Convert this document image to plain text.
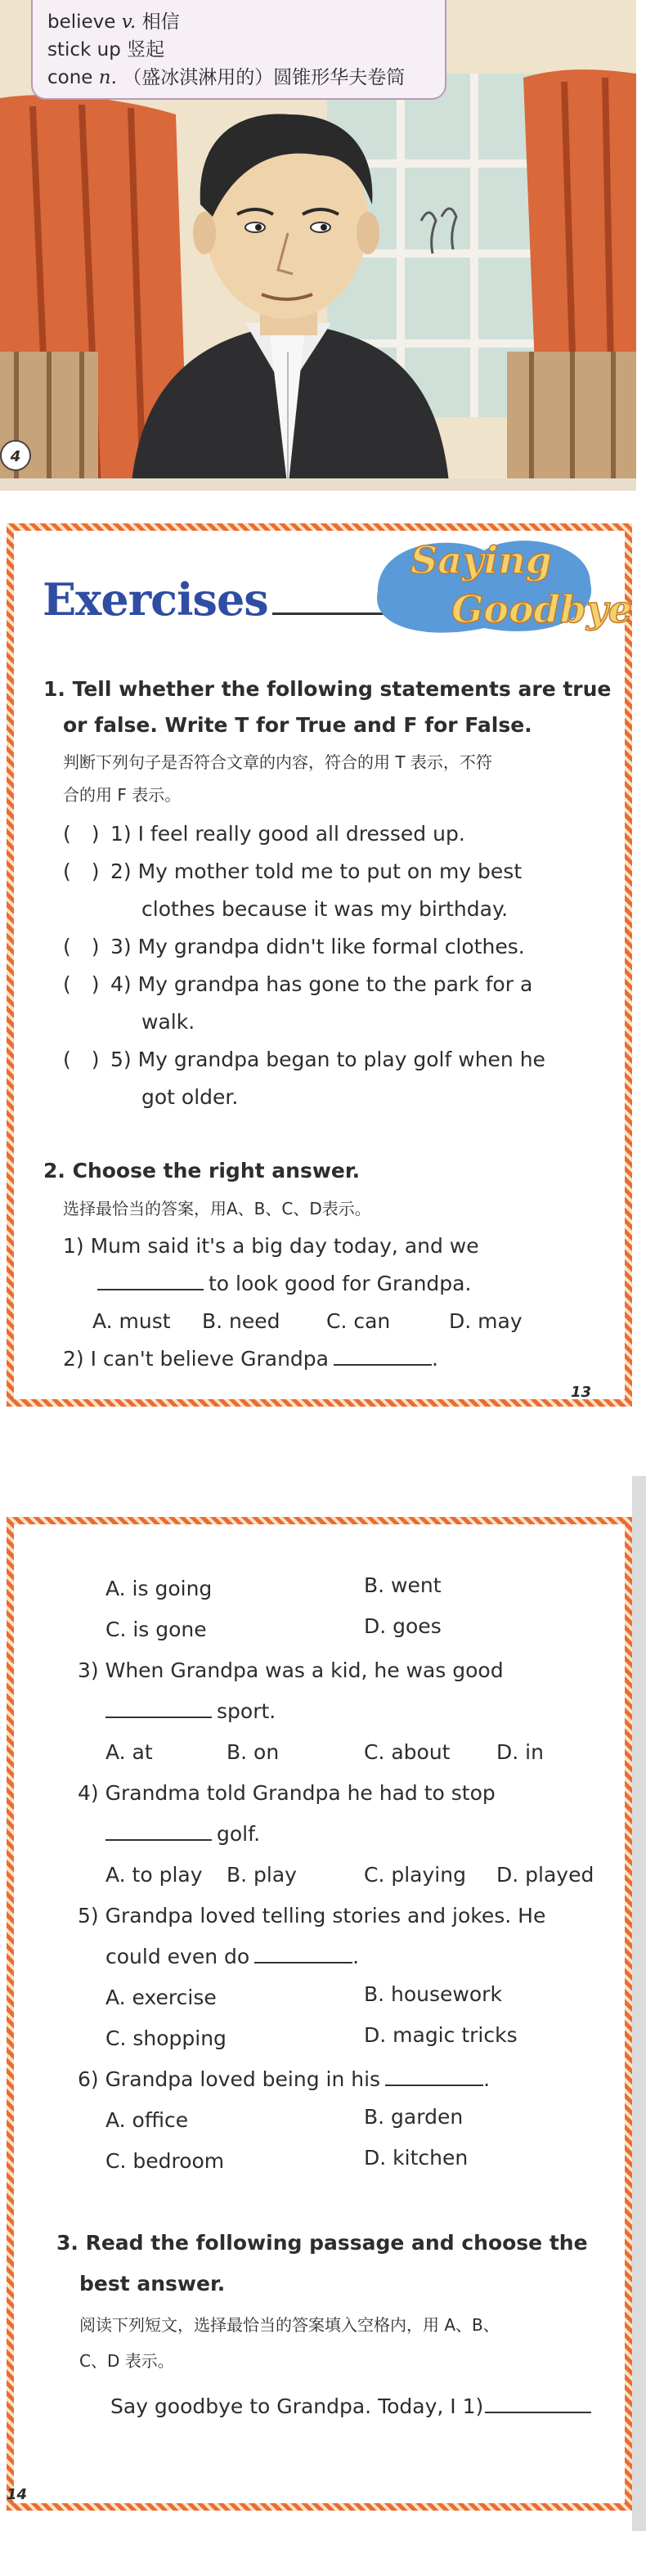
believe v. 相信
stick up 竖起
cone n. （盛冰淇淋用的）圆锥形华夫卷筒
4
Exercises
Saying
Goodbye
1. Tell whether the following statements are true
or false. Write T for True and F for False.
判断下列句子是否符合文章的内容，符合的用 T 表示，不符
合的用 F 表示。
(　) 1) I feel really good all dressed up.
(　) 2) My mother told me to put on my best
clothes because it was my birthday.
(　) 3) My grandpa didn't like formal clothes.
(　) 4) My grandpa has gone to the park for a
walk.
(　) 5) My grandpa began to play golf when he
got older.
2. Choose the right answer.
选择最恰当的答案，用A、B、C、D表示。
1) Mum said it's a big day today, and we
to look good for Grandpa.
A. must B. need C. can	D. may
2) I can't believe Grandpa	.
13
A. is going	B. went
C. is gone	D. goes
3) When Grandpa was a kid, he was good
sport.
A. at	B. on	C. about D. in
4) Grandma told Grandpa he had to stop
golf.
A. to play B. play	C. playing D. played
5) Grandpa loved telling stories and jokes. He
could even do	.
A. exercise	B. housework
C. shopping	D. magic tricks
6) Grandpa loved being in his	.
A. office	B. garden
C. bedroom	D. kitchen
3. Read the following passage and choose the
best answer.
阅读下列短文，选择最恰当的答案填入空格内，用 A、B、
C、D 表示。
Say goodbye to Grandpa. Today, I 1)
14
